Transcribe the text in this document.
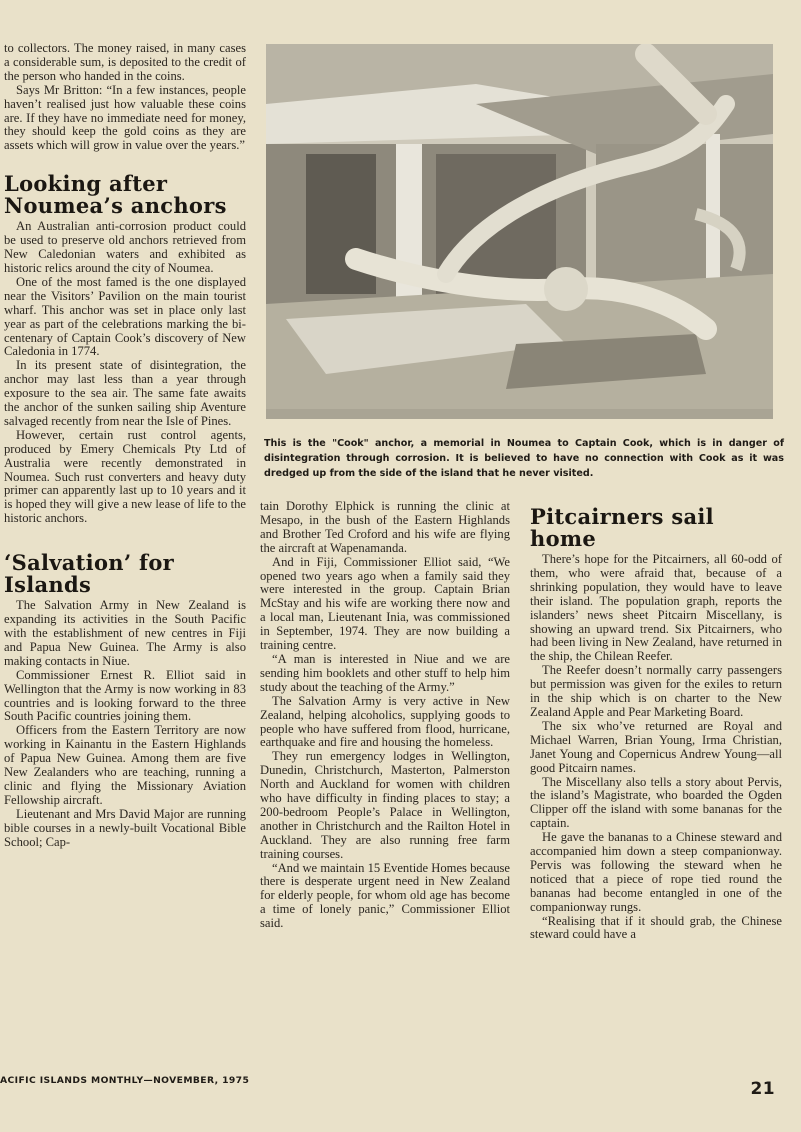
to collectors. The money raised, in many cases a considerable sum, is deposited to the credit of the person who handed in the coins.

Says Mr Britton: “In a few instances, people haven’t realised just how valuable these coins are. If they have no immediate need for money, they should keep the gold coins as they are assets which will grow in value over the years.”

Looking after Noumea’s anchors

An Australian anti-corrosion product could be used to preserve old anchors retrieved from New Caledonian waters and exhibited as historic relics around the city of Noumea.

One of the most famed is the one displayed near the Visitors’ Pavilion on the main tourist wharf. This anchor was set in place only last year as part of the celebrations marking the bi-centenary of Captain Cook’s discovery of New Caledonia in 1774.

In its present state of disintegration, the anchor may last less than a year through exposure to the sea air. The same fate awaits the anchor of the sunken sailing ship Aventure salvaged recently from near the Isle of Pines.

However, certain rust control agents, produced by Emery Chemicals Pty Ltd of Australia were recently demonstrated in Noumea. Such rust converters and heavy duty primer can apparently last up to 10 years and it is hoped they will give a new lease of life to the historic anchors.

‘Salvation’ for Islands

The Salvation Army in New Zealand is expanding its activities in the South Pacific with the establishment of new centres in Fiji and Papua New Guinea. The Army is also making contacts in Niue.

Commissioner Ernest R. Elliot said in Wellington that the Army is now working in 83 countries and is looking forward to the three South Pacific countries joining them.

Officers from the Eastern Territory are now working in Kainantu in the Eastern Highlands of Papua New Guinea. Among them are five New Zealanders who are teaching, running a clinic and flying the Missionary Aviation Fellowship aircraft.

Lieutenant and Mrs David Major are running bible courses in a newly-built Vocational Bible School; Cap-

This is the "Cook" anchor, a memorial in Noumea to Captain Cook, which is in danger of disintegration through corrosion. It is believed to have no connection with Cook as it was dredged up from the side of the island that he never visited.

tain Dorothy Elphick is running the clinic at Mesapo, in the bush of the Eastern Highlands and Brother Ted Croford and his wife are flying the aircraft at Wapenamanda.

And in Fiji, Commissioner Elliot said, “We opened two years ago when a family said they were interested in the group. Captain Brian McStay and his wife are working there now and a local man, Lieutenant Inia, was commissioned in September, 1974. They are now building a training centre.

“A man is interested in Niue and we are sending him booklets and other stuff to help him study about the teaching of the Army.”

The Salvation Army is very active in New Zealand, helping alcoholics, supplying goods to people who have suffered from flood, hurricane, earthquake and fire and housing the homeless.

They run emergency lodges in Wellington, Dunedin, Christchurch, Masterton, Palmerston North and Auckland for women with children who have difficulty in finding places to stay; a 200-bedroom People’s Palace in Wellington, another in Christchurch and the Railton Hotel in Auckland. They are also running free farm training courses.

“And we maintain 15 Eventide Homes because there is desperate urgent need in New Zealand for elderly people, for whom old age has become a time of lonely panic,” Commissioner Elliot said.

Pitcairners sail home

There’s hope for the Pitcairners, all 60-odd of them, who were afraid that, because of a shrinking population, they would have to leave their island. The population graph, reports the islanders’ news sheet Pitcairn Miscellany, is showing an upward trend. Six Pitcairners, who had been living in New Zealand, have returned in the ship, the Chilean Reefer.

The Reefer doesn’t normally carry passengers but permission was given for the exiles to return in the ship which is on charter to the New Zealand Apple and Pear Marketing Board.

The six who’ve returned are Royal and Michael Warren, Brian Young, Irma Christian, Janet Young and Copernicus Andrew Young—all good Pitcairn names.

The Miscellany also tells a story about Pervis, the island’s Magistrate, who boarded the Ogden Clipper off the island with some bananas for the captain.

He gave the bananas to a Chinese steward and accompanied him down a steep companionway. Pervis was following the steward when he noticed that a piece of rope tied round the bananas had become entangled in one of the companionway rungs.

“Realising that if it should grab, the Chinese steward could have a

ACIFIC ISLANDS MONTHLY—NOVEMBER, 1975	21
